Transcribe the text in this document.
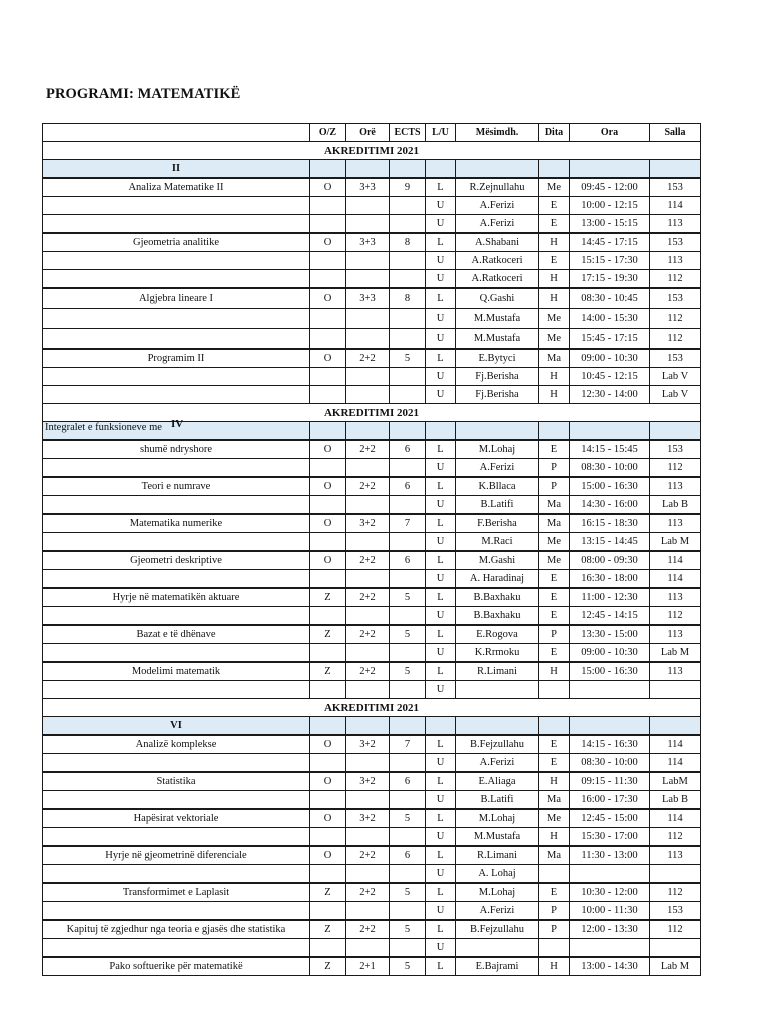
PROGRAMI: MATEMATIKË
	O/Z	Orë	ECTS	L/U	Mësimdh.	Dita	Ora	Salla
AKREDITIMI 2021								
II								
Analiza Matematike II	O	3+3	9	L	R.Zejnullahu	Me	09:45 - 12:00	153
				U	A.Ferizi	E	10:00 - 12:15	114
				U	A.Ferizi	E	13:00 - 15:15	113
Gjeometria analitike	O	3+3	8	L	A.Shabani	H	14:45 - 17:15	153
				U	A.Ratkoceri	E	15:15 - 17:30	113
				U	A.Ratkoceri	H	17:15 - 19:30	112
Algjebra lineare I	O	3+3	8	L	Q.Gashi	H	08:30 - 10:45	153
				U	M.Mustafa	Me	14:00 - 15:30	112
				U	M.Mustafa	Me	15:45 - 17:15	112
Programim II	O	2+2	5	L	E.Bytyci	Ma	09:00 - 10:30	153
				U	Fj.Berisha	H	10:45 - 12:15	Lab V
				U	Fj.Berisha	H	12:30 - 14:00	Lab V
AKREDITIMI 2021								

Integralet e funksioneve me IV								

shumë ndryshore	O	2+2	6	L	M.Lohaj	E	14:15 - 15:45	153
				U	A.Ferizi	P	08:30 - 10:00	112
Teori e numrave	O	2+2	6	L	K.Bllaca	P	15:00 - 16:30	113
				U	B.Latifi	Ma	14:30 - 16:00	Lab B
Matematika numerike	O	3+2	7	L	F.Berisha	Ma	16:15 - 18:30	113
				U	M.Raci	Me	13:15 - 14:45	Lab M
Gjeometri deskriptive	O	2+2	6	L	M.Gashi	Me	08:00 - 09:30	114
				U	A. Haradinaj	E	16:30 - 18:00	114
Hyrje në matematikën aktuare	Z	2+2	5	L	B.Baxhaku	E	11:00 - 12:30	113
				U	B.Baxhaku	E	12:45 - 14:15	112
Bazat e të dhënave	Z	2+2	5	L	E.Rogova	P	13:30 - 15:00	113
				U	K.Rrmoku	E	09:00 - 10:30	Lab M
Modelimi matematik	Z	2+2	5	L	R.Limani	H	15:00 - 16:30	113
				U				
AKREDITIMI 2021								
VI								
Analizë komplekse	O	3+2	7	L	B.Fejzullahu	E	14:15 - 16:30	114
				U	A.Ferizi	E	08:30 - 10:00	114
Statistika	O	3+2	6	L	E.Aliaga	H	09:15 - 11:30	LabM
				U	B.Latifi	Ma	16:00 - 17:30	Lab B
Hapësirat vektoriale	O	3+2	5	L	M.Lohaj	Me	12:45 - 15:00	114
				U	M.Mustafa	H	15:30 - 17:00	112
Hyrje në gjeometrinë diferenciale	O	2+2	6	L	R.Limani	Ma	11:30 - 13:00	113
				U	A. Lohaj			
Transformimet e Laplasit	Z	2+2	5	L	M.Lohaj	E	10:30 - 12:00	112
				U	A.Ferizi	P	10:00 - 11:30	153
Kapituj të zgjedhur nga teoria e gjasës dhe statistika	Z	2+2	5	L	B.Fejzullahu	P	12:00 - 13:30	112
				U				
Pako softuerike për matematikë	Z	2+1	5	L	E.Bajrami	H	13:00 - 14:30	Lab M
